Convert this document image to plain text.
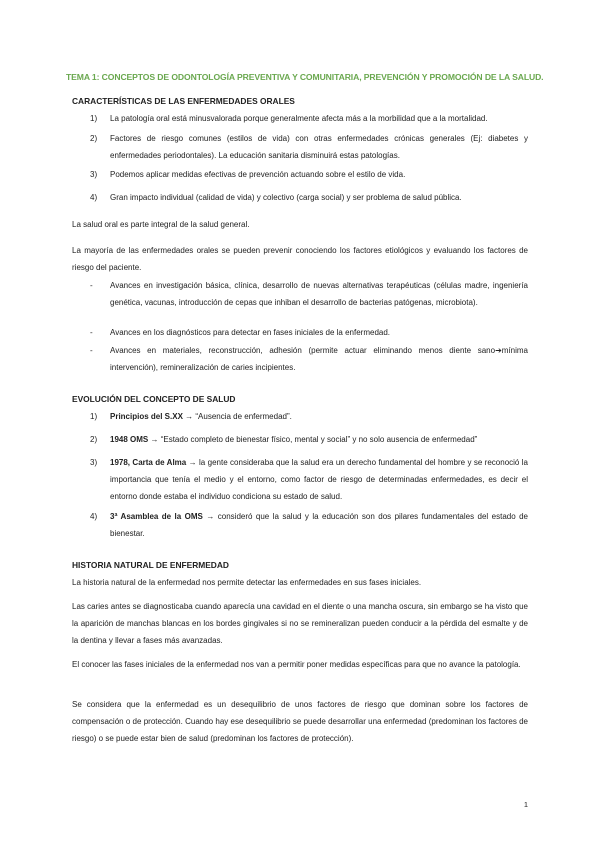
TEMA 1: CONCEPTOS DE ODONTOLOGÍA PREVENTIVA Y COMUNITARIA, PREVENCIÓN Y PROMOCIÓN DE LA SALUD.
CARACTERÍSTICAS DE LAS ENFERMEDADES ORALES
1) La patología oral está minusvalorada porque generalmente afecta más a la morbilidad que a la mortalidad.
2) Factores de riesgo comunes (estilos de vida) con otras enfermedades crónicas generales (Ej: diabetes y enfermedades periodontales). La educación sanitaria disminuirá estas patologías.
3) Podemos aplicar medidas efectivas de prevención actuando sobre el estilo de vida.
4) Gran impacto individual (calidad de vida) y colectivo (carga social) y ser problema de salud pública.
La salud oral es parte integral de la salud general.
La mayoría de las enfermedades orales se pueden prevenir conociendo los factores etiológicos y evaluando los factores de riesgo del paciente.
- Avances en investigación básica, clínica, desarrollo de nuevas alternativas terapéuticas (células madre, ingeniería genética, vacunas, introducción de cepas que inhiban el desarrollo de bacterias patógenas, microbiota).
- Avances en los diagnósticos para detectar en fases iniciales de la enfermedad.
- Avances en materiales, reconstrucción, adhesión (permite actuar eliminando menos diente sano➔mínima intervención), remineralización de caries incipientes.
EVOLUCIÓN DEL CONCEPTO DE SALUD
1) Principios del S.XX → “Ausencia de enfermedad”.
2) 1948 OMS → “Estado completo de bienestar físico, mental y social” y no solo ausencia de enfermedad”
3) 1978, Carta de Alma → la gente consideraba que la salud era un derecho fundamental del hombre y se reconoció la importancia que tenía el medio y el entorno, como factor de riesgo de determinadas enfermedades, es decir el entorno donde estaba el individuo condiciona su estado de salud.
4) 3ª Asamblea de la OMS → consideró que la salud y la educación son dos pilares fundamentales del estado de bienestar.
HISTORIA NATURAL DE ENFERMEDAD
La historia natural de la enfermedad nos permite detectar las enfermedades en sus fases iniciales.
Las caries antes se diagnosticaba cuando aparecía una cavidad en el diente o una mancha oscura, sin embargo se ha visto que la aparición de manchas blancas en los bordes gingivales si no se remineralizan pueden conducir a la pérdida del esmalte y de la dentina y llevar a fases más avanzadas.
El conocer las fases iniciales de la enfermedad nos van a permitir poner medidas específicas para que no avance la patología.
Se considera que la enfermedad es un desequilibrio de unos factores de riesgo que dominan sobre los factores de compensación o de protección. Cuando hay ese desequilibrio se puede desarrollar una enfermedad (predominan los factores de riesgo) o se puede estar bien de salud (predominan los factores de protección).
1
